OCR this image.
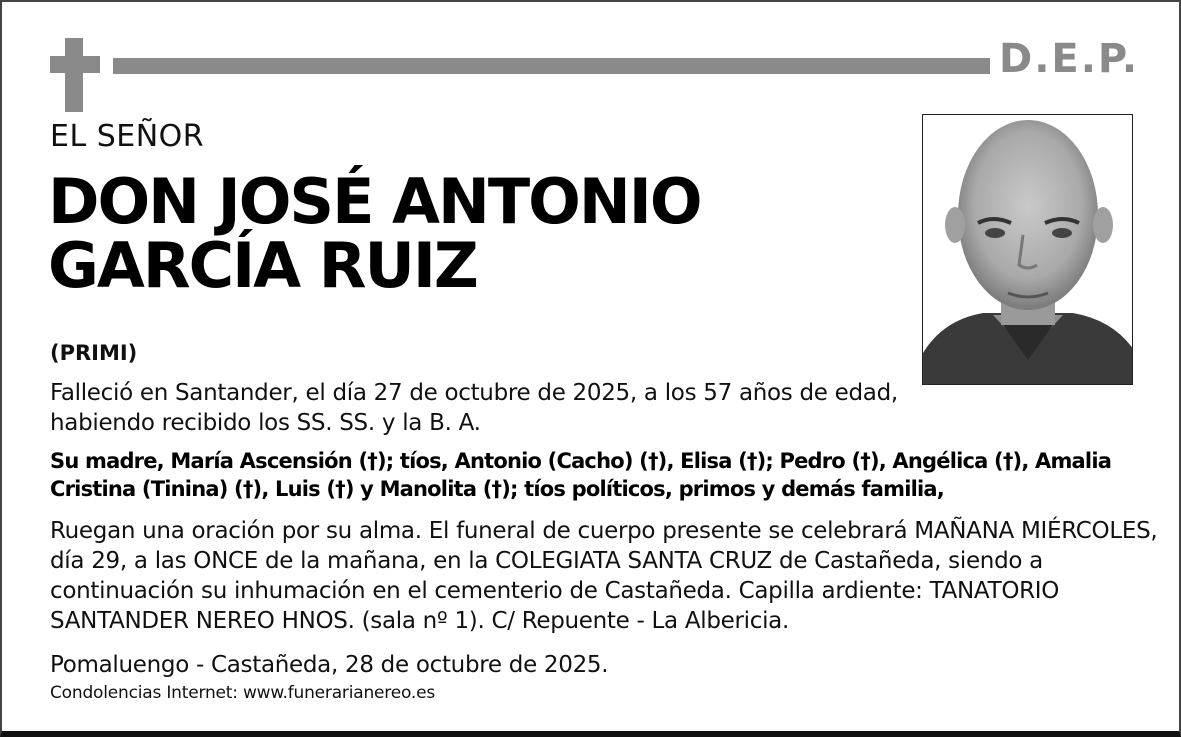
D.E.P.
EL SEÑOR
DON JOSÉ ANTONIO
GARCÍA RUIZ
(PRIMI)
Falleció en Santander, el día 27 de octubre de 2025, a los 57 años de edad,
habiendo recibido los SS. SS. y la B. A.
Su madre, María Ascensión (†); tíos, Antonio (Cacho) (†), Elisa (†); Pedro (†), Angélica (†), Amalia
Cristina (Tinina) (†), Luis (†) y Manolita (†); tíos políticos, primos y demás familia,
Ruegan una oración por su alma. El funeral de cuerpo presente se celebrará MAÑANA MIÉRCOLES,
día 29, a las ONCE de la mañana, en la COLEGIATA SANTA CRUZ de Castañeda, siendo a
continuación su inhumación en el cementerio de Castañeda. Capilla ardiente: TANATORIO
SANTANDER NEREO HNOS. (sala nº 1). C/ Repuente - La Albericia.
Pomaluengo - Castañeda, 28 de octubre de 2025.
Condolencias Internet: www.funerarianereo.es
